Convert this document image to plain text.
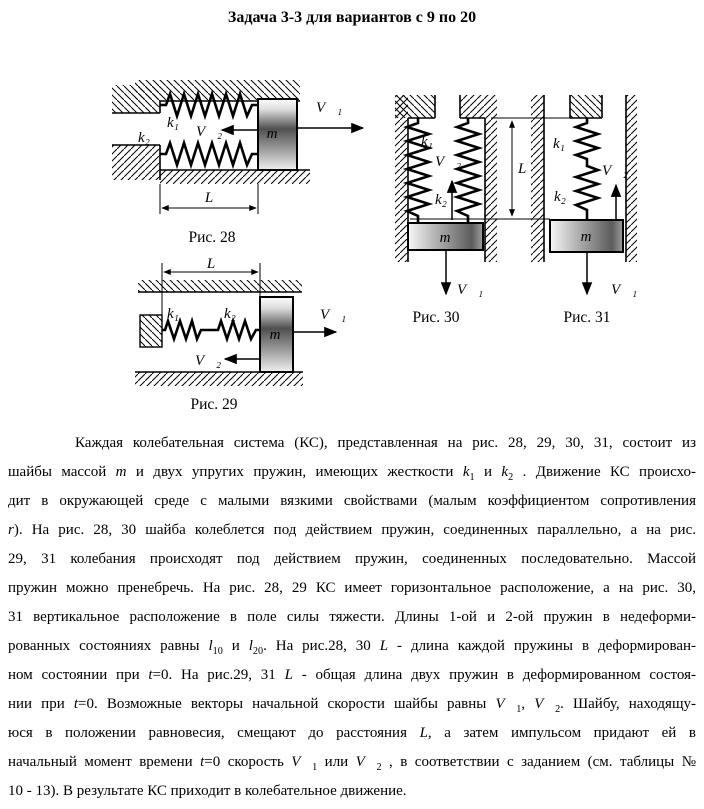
Задача 3-3 для вариантов с 9 по 20
k₁
k₂	V⃗₂	m
V⃗₁
L
Рис. 28
L
k₁	k₂
m
V⃗₁
V⃗₂
Рис. 29
k₁
V⃗₂
k₂
m
V⃗₁
Рис. 30
L
k₁
k₂
V⃗₂
m
V⃗₁
Рис. 31
Каждая колебательная система (КС), представленная на рис. 28, 29, 30, 31, состоит из
шайбы массой m и двух упругих пружин, имеющих жесткости $k_1$ и $k_2$ . Движение КС происхо-
дит в окружающей среде с малыми вязкими свойствами (малым коэффициентом сопротивления
r). На рис. 28, 30 шайба колеблется под действием пружин, соединенных параллельно, а на рис.
29, 31 колебания происходят под действием пружин, соединенных последовательно. Массой
пружин можно пренебречь. На рис. 28, 29 КС имеет горизонтальное расположение, а на рис. 30,
31 вертикальное расположение в поле силы тяжести. Длины 1-ой и 2-ой пружин в недеформи-
рованных состояниях равны $l_{10}$ и $l_{20}$. На рис.28, 30 L - длина каждой пружины в деформирован-
ном состоянии при t=0. На рис.29, 31 L - общая длина двух пружин в деформированном состоя-
нии при t=0. Возможные векторы начальной скорости шайбы равны $V⃗_1$, $V⃗_2$. Шайбу, находящу-
юся в положении равновесия, смещают до расстояния L, а затем импульсом придают ей в
начальный момент времени t=0 скорость $V⃗_1$ или $V⃗_2$ , в соответствии с заданием (см. таблицы №
10 - 13). В результате КС приходит в колебательное движение.
